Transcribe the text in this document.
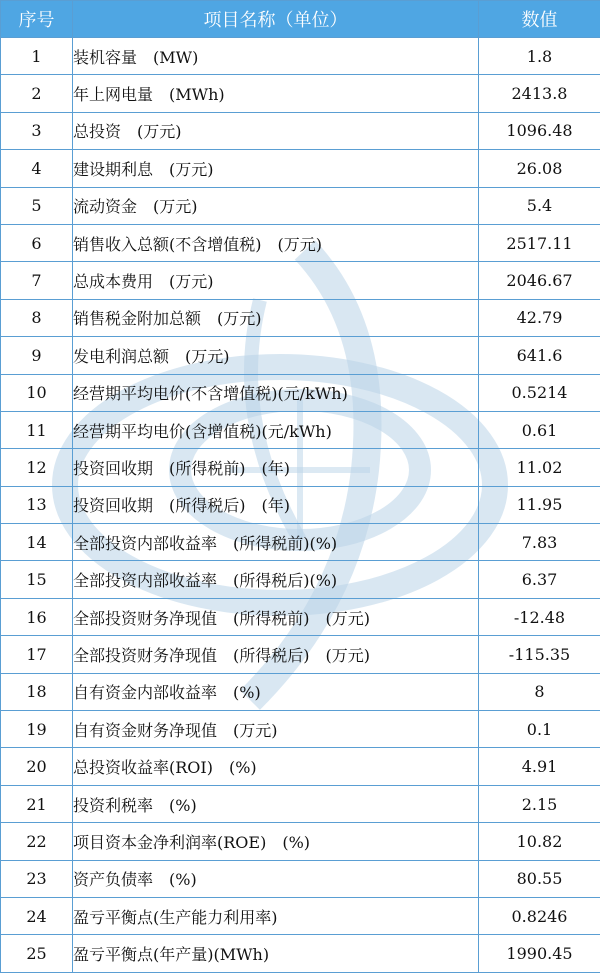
序号	项目名称（单位）	数值
1	装机容量　(MW)	1.8
2	年上网电量　(MWh)	2413.8
3	总投资　(万元)	1096.48
4	建设期利息　(万元)	26.08
5	流动资金　(万元)	5.4
6	销售收入总额(不含增值税)　(万元)	2517.11
7	总成本费用　(万元)	2046.67
8	销售税金附加总额　(万元)	42.79
9	发电利润总额　(万元)	641.6
10	经营期平均电价(不含增值税)(元/kWh)	0.5214
11	经营期平均电价(含增值税)(元/kWh)	0.61
12	投资回收期　(所得税前)　(年)	11.02
13	投资回收期　(所得税后)　(年)	11.95
14	全部投资内部收益率　(所得税前)(%)	7.83
15	全部投资内部收益率　(所得税后)(%)	6.37
16	全部投资财务净现值　(所得税前)　(万元)	-12.48
17	全部投资财务净现值　(所得税后)　(万元)	-115.35
18	自有资金内部收益率　(%)	8
19	自有资金财务净现值　(万元)	0.1
20	总投资收益率(ROI)　(%)	4.91
21	投资利税率　(%)	2.15
22	项目资本金净利润率(ROE)　(%)	10.82
23	资产负债率　(%)	80.55
24	盈亏平衡点(生产能力利用率)	0.8246
25	盈亏平衡点(年产量)(MWh)	1990.45
